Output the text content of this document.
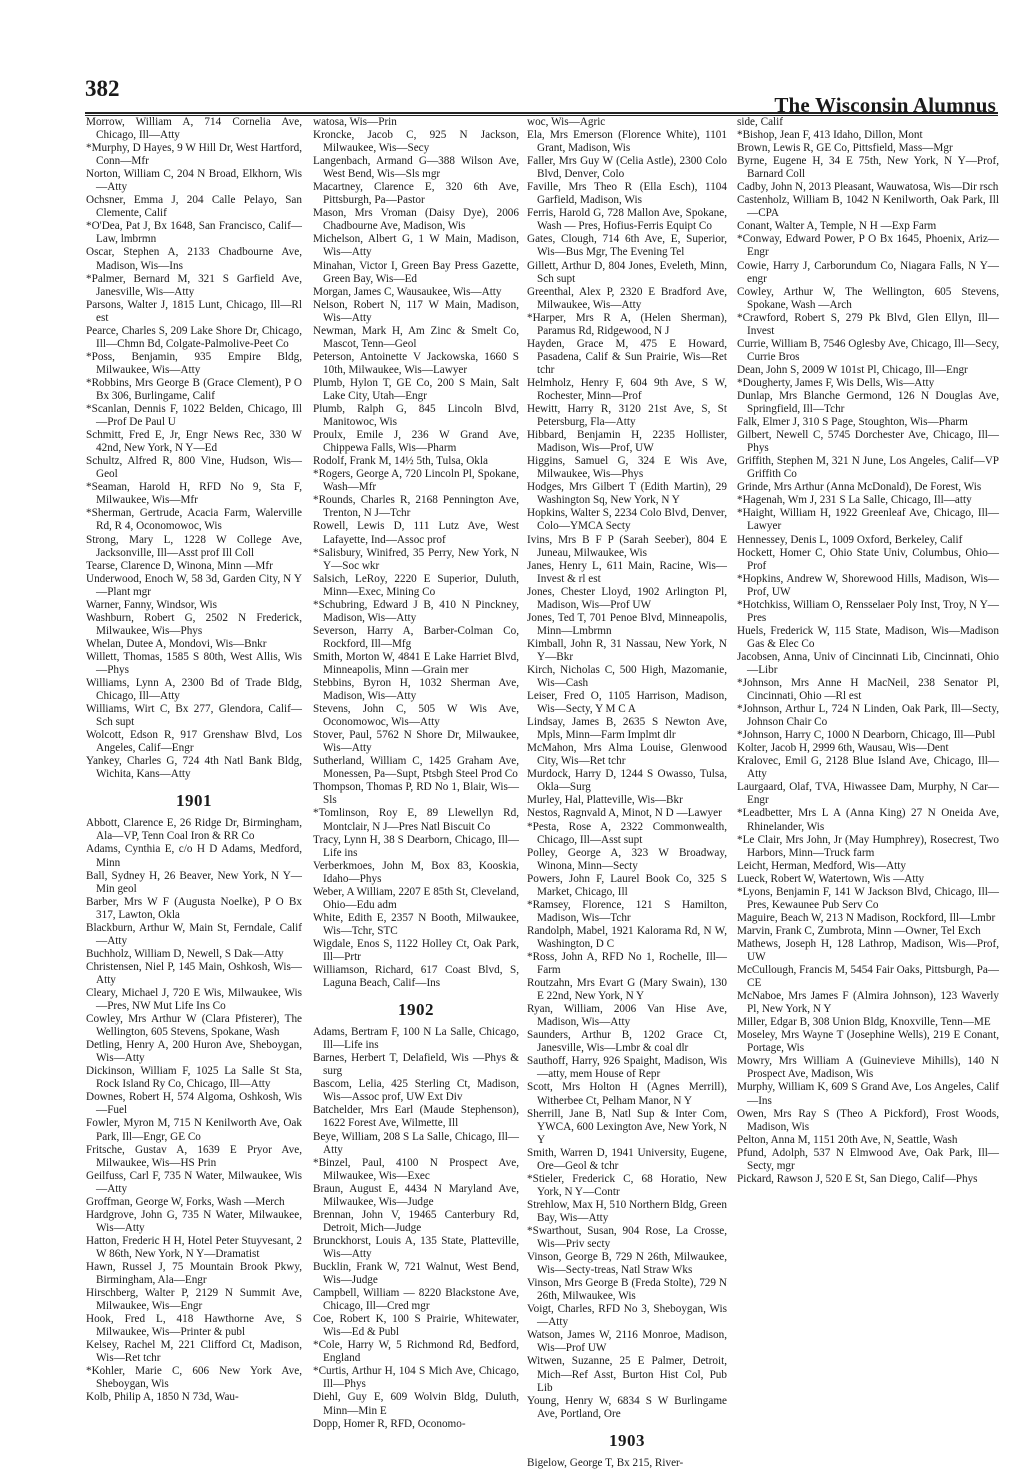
382
The Wisconsin Alumnus

Morrow, William A, 714 Cornelia Ave, Chicago, Ill—Atty

*Murphy, D Hayes, 9 W Hill Dr, West Hartford, Conn—Mfr

Norton, William C, 204 N Broad, Elkhorn, Wis—Atty

Ochsner, Emma J, 204 Calle Pelayo, San Clemente, Calif

*O'Dea, Pat J, Bx 1648, San Francisco, Calif—Law, lmbrmn

Oscar, Stephen A, 2133 Chadbourne Ave, Madison, Wis—Ins

*Palmer, Bernard M, 321 S Garfield Ave, Janesville, Wis—Atty

Parsons, Walter J, 1815 Lunt, Chicago, Ill—Rl est

Pearce, Charles S, 209 Lake Shore Dr, Chicago, Ill—Chmn Bd, Colgate-Palmolive-Peet Co

*Poss, Benjamin, 935 Empire Bldg, Milwaukee, Wis—Atty

*Robbins, Mrs George B (Grace Clement), P O Bx 306, Burlingame, Calif

*Scanlan, Dennis F, 1022 Belden, Chicago, Ill—Prof De Paul U

Schmitt, Fred E, Jr, Engr News Rec, 330 W 42nd, New York, N Y—Ed

Schultz, Alfred R, 800 Vine, Hudson, Wis—Geol

*Seaman, Harold H, RFD No 9, Sta F, Milwaukee, Wis—Mfr

*Sherman, Gertrude, Acacia Farm, Walerville Rd, R 4, Oconomowoc, Wis

Strong, Mary L, 1228 W College Ave, Jacksonville, Ill—Asst prof Ill Coll

Tearse, Clarence D, Winona, Minn —Mfr

Underwood, Enoch W, 58 3d, Garden City, N Y—Plant mgr

Warner, Fanny, Windsor, Wis

Washburn, Robert G, 2502 N Frederick, Milwaukee, Wis—Phys

Whelan, Dutee A, Mondovi, Wis—Bnkr

Willett, Thomas, 1585 S 80th, West Allis, Wis—Phys

Williams, Lynn A, 2300 Bd of Trade Bldg, Chicago, Ill—Atty

Williams, Wirt C, Bx 277, Glendora, Calif—Sch supt

Wolcott, Edson R, 917 Grenshaw Blvd, Los Angeles, Calif—Engr

Yankey, Charles G, 724 4th Natl Bank Bldg, Wichita, Kans—Atty

1901

Abbott, Clarence E, 26 Ridge Dr, Birmingham, Ala—VP, Tenn Coal Iron & RR Co

Adams, Cynthia E, c/o H D Adams, Medford, Minn

Ball, Sydney H, 26 Beaver, New York, N Y—Min geol

Barber, Mrs W F (Augusta Noelke), P O Bx 317, Lawton, Okla

Blackburn, Arthur W, Main St, Ferndale, Calif—Atty

Buchholz, William D, Newell, S Dak—Atty

Christensen, Niel P, 145 Main, Oshkosh, Wis—Atty

Cleary, Michael J, 720 E Wis, Milwaukee, Wis—Pres, NW Mut Life Ins Co

Cowley, Mrs Arthur W (Clara Pfisterer), The Wellington, 605 Stevens, Spokane, Wash

Detling, Henry A, 200 Huron Ave, Sheboygan, Wis—Atty

Dickinson, William F, 1025 La Salle St Sta, Rock Island Ry Co, Chicago, Ill—Atty

Downes, Robert H, 574 Algoma, Oshkosh, Wis—Fuel

Fowler, Myron M, 715 N Kenilworth Ave, Oak Park, Ill—Engr, GE Co

Fritsche, Gustav A, 1639 E Pryor Ave, Milwaukee, Wis—HS Prin

Geilfuss, Carl F, 735 N Water, Milwaukee, Wis—Atty

Groffman, George W, Forks, Wash —Merch

Hardgrove, John G, 735 N Water, Milwaukee, Wis—Atty

Hatton, Frederic H H, Hotel Peter Stuyvesant, 2 W 86th, New York, N Y—Dramatist

Hawn, Russel J, 75 Mountain Brook Pkwy, Birmingham, Ala—Engr

Hirschberg, Walter P, 2129 N Summit Ave, Milwaukee, Wis—Engr

Hook, Fred L, 418 Hawthorne Ave, S Milwaukee, Wis—Printer & publ

Kelsey, Rachel M, 221 Clifford Ct, Madison, Wis—Ret tchr

*Kohler, Marie C, 606 New York Ave, Sheboygan, Wis

Kolb, Philip A, 1850 N 73d, Wau-

watosa, Wis—Prin

Kroncke, Jacob C, 925 N Jackson, Milwaukee, Wis—Secy

Langenbach, Armand G—388 Wilson Ave, West Bend, Wis—Sls mgr

Macartney, Clarence E, 320 6th Ave, Pittsburgh, Pa—Pastor

Mason, Mrs Vroman (Daisy Dye), 2006 Chadbourne Ave, Madison, Wis

Michelson, Albert G, 1 W Main, Madison, Wis—Atty

Minahan, Victor I, Green Bay Press Gazette, Green Bay, Wis—Ed

Morgan, James C, Wausaukee, Wis—Atty

Nelson, Robert N, 117 W Main, Madison, Wis—Atty

Newman, Mark H, Am Zinc & Smelt Co, Mascot, Tenn—Geol

Peterson, Antoinette V Jackowska, 1660 S 10th, Milwaukee, Wis—Lawyer

Plumb, Hylon T, GE Co, 200 S Main, Salt Lake City, Utah—Engr

Plumb, Ralph G, 845 Lincoln Blvd, Manitowoc, Wis

Proulx, Emile J, 236 W Grand Ave, Chippewa Falls, Wis—Pharm

Rodolf, Frank M, 14½ 5th, Tulsa, Okla

*Rogers, George A, 720 Lincoln Pl, Spokane, Wash—Mfr

*Rounds, Charles R, 2168 Pennington Ave, Trenton, N J—Tchr

Rowell, Lewis D, 111 Lutz Ave, West Lafayette, Ind—Assoc prof

*Salisbury, Winifred, 35 Perry, New York, N Y—Soc wkr

Salsich, LeRoy, 2220 E Superior, Duluth, Minn—Exec, Mining Co

*Schubring, Edward J B, 410 N Pinckney, Madison, Wis—Atty

Severson, Harry A, Barber-Colman Co, Rockford, Ill—Mfg

Smith, Morton W, 4841 E Lake Harriet Blvd, Minneapolis, Minn —Grain mer

Stebbins, Byron H, 1032 Sherman Ave, Madison, Wis—Atty

Stevens, John C, 505 W Wis Ave, Oconomowoc, Wis—Atty

Stover, Paul, 5762 N Shore Dr, Milwaukee, Wis—Atty

Sutherland, William C, 1425 Graham Ave, Monessen, Pa—Supt, Ptsbgh Steel Prod Co

Thompson, Thomas P, RD No 1, Blair, Wis—Sls

*Tomlinson, Roy E, 89 Llewellyn Rd, Montclair, N J—Pres Natl Biscuit Co

Tracy, Lynn H, 38 S Dearborn, Chicago, Ill—Life ins

Verberkmoes, John M, Box 83, Kooskia, Idaho—Phys

Weber, A William, 2207 E 85th St, Cleveland, Ohio—Edu adm

White, Edith E, 2357 N Booth, Milwaukee, Wis—Tchr, STC

Wigdale, Enos S, 1122 Holley Ct, Oak Park, Ill—Prtr

Williamson, Richard, 617 Coast Blvd, S, Laguna Beach, Calif—Ins

1902

Adams, Bertram F, 100 N La Salle, Chicago, Ill—Life ins

Barnes, Herbert T, Delafield, Wis —Phys & surg

Bascom, Lelia, 425 Sterling Ct, Madison, Wis—Assoc prof, UW Ext Div

Batchelder, Mrs Earl (Maude Stephenson), 1622 Forest Ave, Wilmette, Ill

Beye, William, 208 S La Salle, Chicago, Ill—Atty

*Binzel, Paul, 4100 N Prospect Ave, Milwaukee, Wis—Exec

Braun, August E, 4434 N Maryland Ave, Milwaukee, Wis—Judge

Brennan, John V, 19465 Canterbury Rd, Detroit, Mich—Judge

Brunckhorst, Louis A, 135 State, Platteville, Wis—Atty

Bucklin, Frank W, 721 Walnut, West Bend, Wis—Judge

Campbell, William — 8220 Blackstone Ave, Chicago, Ill—Cred mgr

Coe, Robert K, 100 S Prairie, Whitewater, Wis—Ed & Publ

*Cole, Harry W, 5 Richmond Rd, Bedford, England

*Curtis, Arthur H, 104 S Mich Ave, Chicago, Ill—Phys

Diehl, Guy E, 609 Wolvin Bldg, Duluth, Minn—Min E

Dopp, Homer R, RFD, Oconomo-

woc, Wis—Agric

Ela, Mrs Emerson (Florence White), 1101 Grant, Madison, Wis

Faller, Mrs Guy W (Celia Astle), 2300 Colo Blvd, Denver, Colo

Faville, Mrs Theo R (Ella Esch), 1104 Garfield, Madison, Wis

Ferris, Harold G, 728 Mallon Ave, Spokane, Wash — Pres, Hofius-Ferris Equipt Co

Gates, Clough, 714 6th Ave, E, Superior, Wis—Bus Mgr, The Evening Tel

Gillett, Arthur D, 804 Jones, Eveleth, Minn, Sch supt

Greenthal, Alex P, 2320 E Bradford Ave, Milwaukee, Wis—Atty

*Harper, Mrs R A, (Helen Sherman), Paramus Rd, Ridgewood, N J

Hayden, Grace M, 475 E Howard, Pasadena, Calif & Sun Prairie, Wis—Ret tchr

Helmholz, Henry F, 604 9th Ave, S W, Rochester, Minn—Prof

Hewitt, Harry R, 3120 21st Ave, S, St Petersburg, Fla—Atty

Hibbard, Benjamin H, 2235 Hollister, Madison, Wis—Prof, UW

Higgins, Samuel G, 324 E Wis Ave, Milwaukee, Wis—Phys

Hodges, Mrs Gilbert T (Edith Martin), 29 Washington Sq, New York, N Y

Hopkins, Walter S, 2234 Colo Blvd, Denver, Colo—YMCA Secty

Ivins, Mrs B F P (Sarah Seeber), 804 E Juneau, Milwaukee, Wis

Janes, Henry L, 611 Main, Racine, Wis—Invest & rl est

Jones, Chester Lloyd, 1902 Arlington Pl, Madison, Wis—Prof UW

Jones, Ted T, 701 Penoe Blvd, Minneapolis, Minn—Lmbrmn

Kimball, John R, 31 Nassau, New York, N Y—Bkr

Kirch, Nicholas C, 500 High, Mazomanie, Wis—Cash

Leiser, Fred O, 1105 Harrison, Madison, Wis—Secty, Y M C A

Lindsay, James B, 2635 S Newton Ave, Mpls, Minn—Farm Implmt dlr

McMahon, Mrs Alma Louise, Glenwood City, Wis—Ret tchr

Murdock, Harry D, 1244 S Owasso, Tulsa, Okla—Surg

Murley, Hal, Platteville, Wis—Bkr

Nestos, Ragnvald A, Minot, N D —Lawyer

*Pesta, Rose A, 2322 Commonwealth, Chicago, Ill—Asst supt

Polley, George A, 323 W Broadway, Winona, Minn—Secty

Powers, John F, Laurel Book Co, 325 S Market, Chicago, Ill

*Ramsey, Florence, 121 S Hamilton, Madison, Wis—Tchr

Randolph, Mabel, 1921 Kalorama Rd, N W, Washington, D C

*Ross, John A, RFD No 1, Rochelle, Ill—Farm

Routzahn, Mrs Evart G (Mary Swain), 130 E 22nd, New York, N Y

Ryan, William, 2006 Van Hise Ave, Madison, Wis—Atty

Saunders, Arthur B, 1202 Grace Ct, Janesville, Wis—Lmbr & coal dlr

Sauthoff, Harry, 926 Spaight, Madison, Wis—atty, mem House of Repr

Scott, Mrs Holton H (Agnes Merrill), Witherbee Ct, Pelham Manor, N Y

Sherrill, Jane B, Natl Sup & Inter Com, YWCA, 600 Lexington Ave, New York, N Y

Smith, Warren D, 1941 University, Eugene, Ore—Geol & tchr

*Stieler, Frederick C, 68 Horatio, New York, N Y—Contr

Strehlow, Max H, 510 Northern Bldg, Green Bay, Wis—Atty

*Swarthout, Susan, 904 Rose, La Crosse, Wis—Priv secty

Vinson, George B, 729 N 26th, Milwaukee, Wis—Secty-treas, Natl Straw Wks

Vinson, Mrs George B (Freda Stolte), 729 N 26th, Milwaukee, Wis

Voigt, Charles, RFD No 3, Sheboygan, Wis—Atty

Watson, James W, 2116 Monroe, Madison, Wis—Prof UW

Witwen, Suzanne, 25 E Palmer, Detroit, Mich—Ref Asst, Burton Hist Col, Pub Lib

Young, Henry W, 6834 S W Burlingame Ave, Portland, Ore

1903

Bigelow, George T, Bx 215, River-

side, Calif

*Bishop, Jean F, 413 Idaho, Dillon, Mont

Brown, Lewis R, GE Co, Pittsfield, Mass—Mgr

Byrne, Eugene H, 34 E 75th, New York, N Y—Prof, Barnard Coll

Cadby, John N, 2013 Pleasant, Wauwatosa, Wis—Dir rsch

Castenholz, William B, 1042 N Kenilworth, Oak Park, Ill—CPA

Conant, Walter A, Temple, N H —Exp Farm

*Conway, Edward Power, P O Bx 1645, Phoenix, Ariz—Engr

Cowie, Harry J, Carborundum Co, Niagara Falls, N Y—engr

Cowley, Arthur W, The Wellington, 605 Stevens, Spokane, Wash —Arch

*Crawford, Robert S, 279 Pk Blvd, Glen Ellyn, Ill—Invest

Currie, William B, 7546 Oglesby Ave, Chicago, Ill—Secy, Currie Bros

Dean, John S, 2009 W 101st Pl, Chicago, Ill—Engr

*Dougherty, James F, Wis Dells, Wis—Atty

Dunlap, Mrs Blanche Germond, 126 N Douglas Ave, Springfield, Ill—Tchr

Falk, Elmer J, 310 S Page, Stoughton, Wis—Pharm

Gilbert, Newell C, 5745 Dorchester Ave, Chicago, Ill—Phys

Griffith, Stephen M, 321 N June, Los Angeles, Calif—VP Griffith Co

Grinde, Mrs Arthur (Anna McDonald), De Forest, Wis

*Hagenah, Wm J, 231 S La Salle, Chicago, Ill—atty

*Haight, William H, 1922 Greenleaf Ave, Chicago, Ill—Lawyer

Hennessey, Denis L, 1009 Oxford, Berkeley, Calif

Hockett, Homer C, Ohio State Univ, Columbus, Ohio—Prof

*Hopkins, Andrew W, Shorewood Hills, Madison, Wis—Prof, UW

*Hotchkiss, William O, Rensselaer Poly Inst, Troy, N Y—Pres

Huels, Frederick W, 115 State, Madison, Wis—Madison Gas & Elec Co

Jacobsen, Anna, Univ of Cincinnati Lib, Cincinnati, Ohio—Libr

*Johnson, Mrs Anne H MacNeil, 238 Senator Pl, Cincinnati, Ohio —Rl est

*Johnson, Arthur L, 724 N Linden, Oak Park, Ill—Secty, Johnson Chair Co

*Johnson, Harry C, 1000 N Dearborn, Chicago, Ill—Publ

Kolter, Jacob H, 2999 6th, Wausau, Wis—Dent

Kralovec, Emil G, 2128 Blue Island Ave, Chicago, Ill—Atty

Laurgaard, Olaf, TVA, Hiwassee Dam, Murphy, N Car—Engr

*Leadbetter, Mrs L A (Anna King) 27 N Oneida Ave, Rhinelander, Wis

*Le Clair, Mrs John, Jr (May Humphrey), Rosecrest, Two Harbors, Minn—Truck farm

Leicht, Herman, Medford, Wis—Atty

Lueck, Robert W, Watertown, Wis —Atty

*Lyons, Benjamin F, 141 W Jackson Blvd, Chicago, Ill—Pres, Kewaunee Pub Serv Co

Maguire, Beach W, 213 N Madison, Rockford, Ill—Lmbr

Marvin, Frank C, Zumbrota, Minn —Owner, Tel Exch

Mathews, Joseph H, 128 Lathrop, Madison, Wis—Prof, UW

McCullough, Francis M, 5454 Fair Oaks, Pittsburgh, Pa—CE

McNaboe, Mrs James F (Almira Johnson), 123 Waverly Pl, New York, N Y

Miller, Edgar B, 308 Union Bldg, Knoxville, Tenn—ME

Moseley, Mrs Wayne T (Josephine Wells), 219 E Conant, Portage, Wis

Mowry, Mrs William A (Guinevieve Mihills), 140 N Prospect Ave, Madison, Wis

Murphy, William K, 609 S Grand Ave, Los Angeles, Calif—Ins

Owen, Mrs Ray S (Theo A Pickford), Frost Woods, Madison, Wis

Pelton, Anna M, 1151 20th Ave, N, Seattle, Wash

Pfund, Adolph, 537 N Elmwood Ave, Oak Park, Ill—Secty, mgr

Pickard, Rawson J, 520 E St, San Diego, Calif—Phys
